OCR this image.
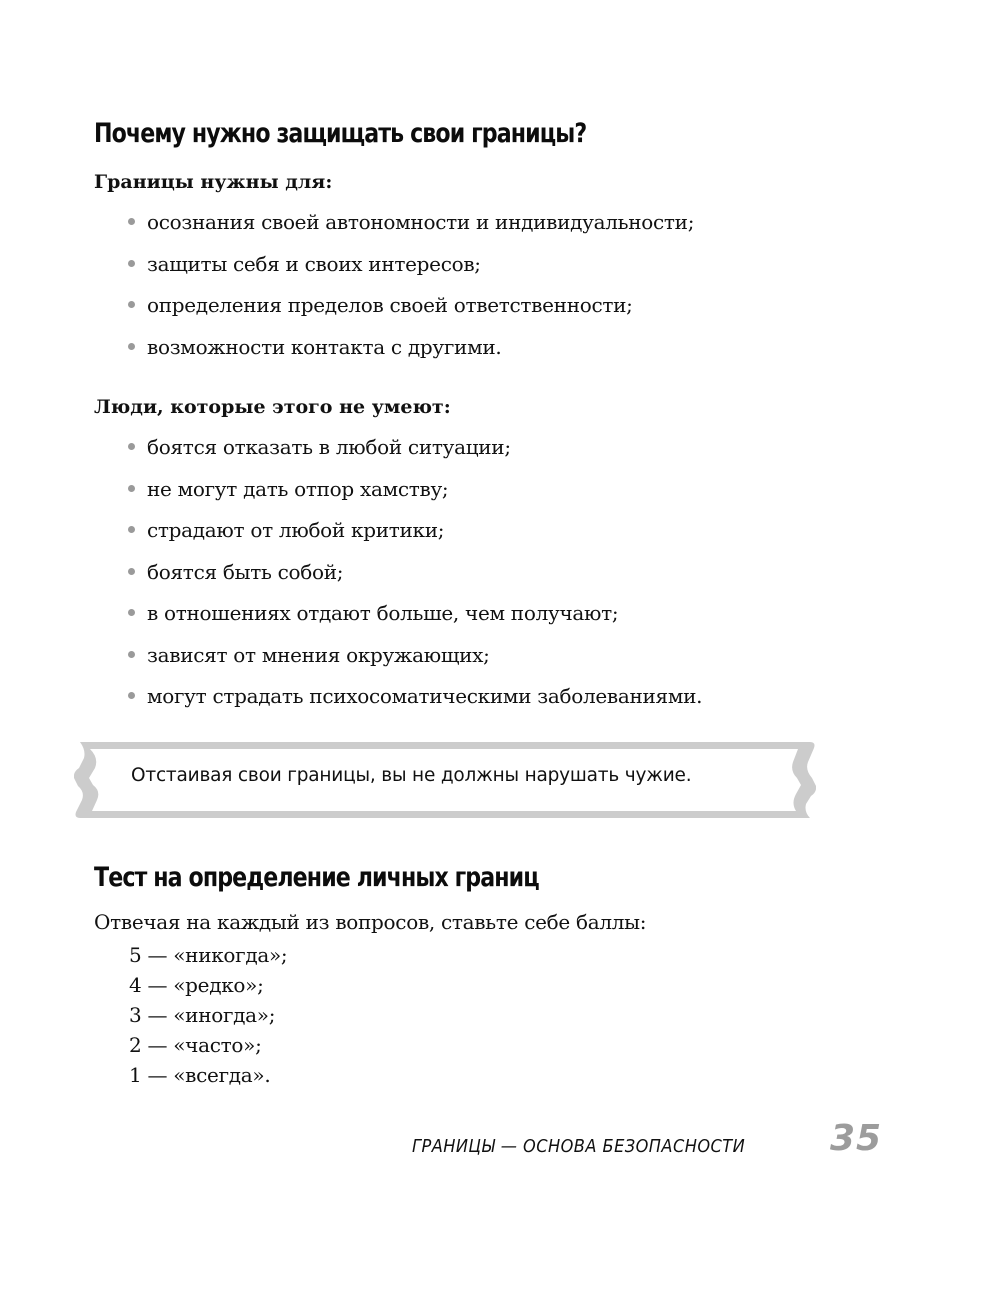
Почему нужно защищать свои границы?

Границы нужны для:

осознания своей автономности и индивидуальности;
защиты себя и своих интересов;
определения пределов своей ответственности;
возможности контакта с другими.

Люди, которые этого не умеют:

боятся отказать в любой ситуации;
не могут дать отпор хамству;
страдают от любой критики;
боятся быть собой;
в отношениях отдают больше, чем получают;
зависят от мнения окружающих;
могут страдать психосоматическими заболеваниями.
Отстаивая свои границы, вы не должны нарушать чужие.
Тест на определение личных границ

Отвечая на каждый из вопросов, ставьте себе баллы:

5 — «никогда»;
4 — «редко»;
3 — «иногда»;
2 — «часто»;
1 — «всегда».
ГРАНИЦЫ — ОСНОВА БЕЗОПАСНОСТИ 35
